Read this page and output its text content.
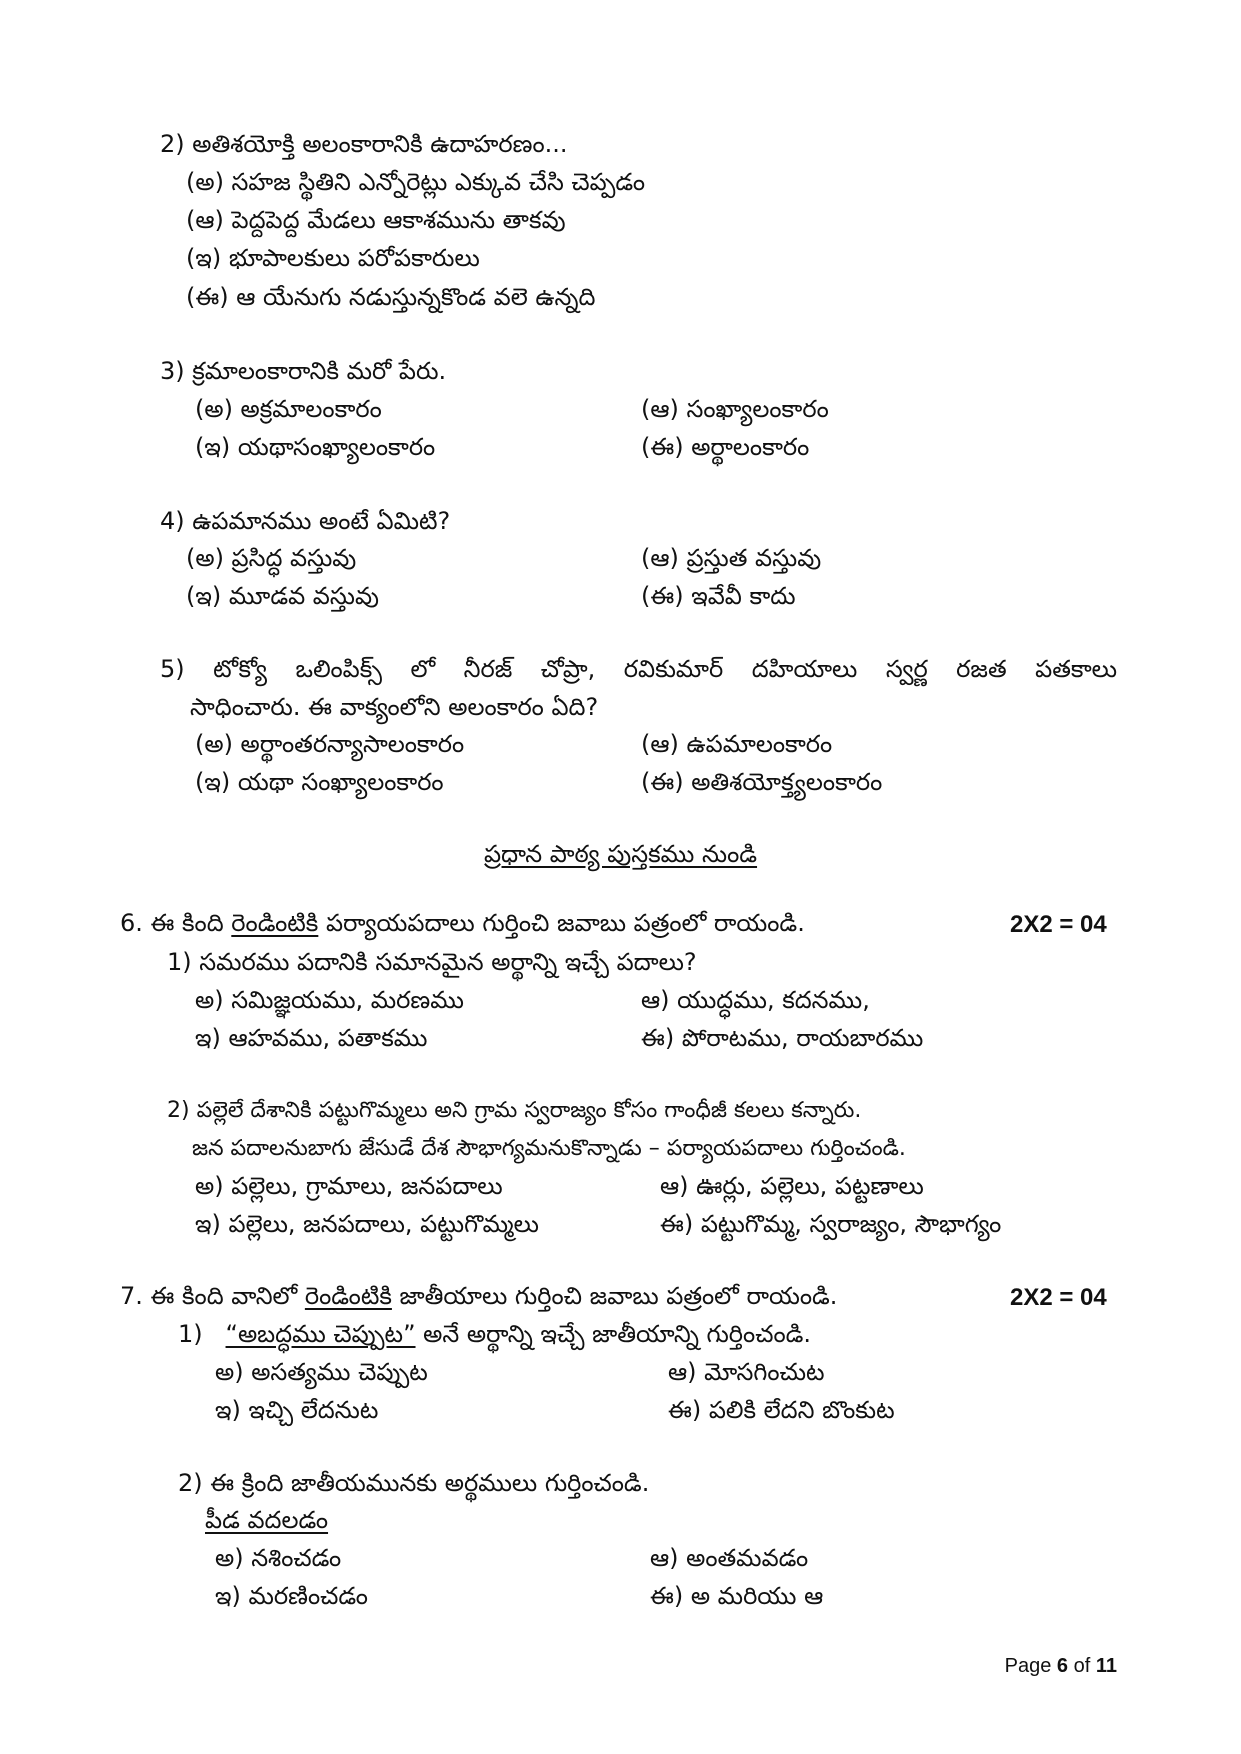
2) అతిశయోక్తి అలంకారానికి ఉదాహరణం...
(అ) సహజ స్థితిని ఎన్నోరెట్లు ఎక్కువ చేసి చెప్పడం
(ఆ) పెద్దపెద్ద మేడలు ఆకాశమును తాకవు
(ఇ) భూపాలకులు పరోపకారులు
(ఈ) ఆ యేనుగు నడుస్తున్నకొండ వలె ఉన్నది
3) క్రమాలంకారానికి మరో పేరు.
(అ) అక్రమాలంకారం	(ఆ) సంఖ్యాలంకారం
(ఇ) యథాసంఖ్యాలంకారం	(ఈ) అర్థాలంకారం
4) ఉపమానము అంటే ఏమిటి?
(అ) ప్రసిద్ధ వస్తువు	(ఆ) ప్రస్తుత వస్తువు
(ఇ) మూడవ వస్తువు	(ఈ) ఇవేవీ కాదు
5) టోక్యో ఒలింపిక్స్ లో నీరజ్ చోప్రా, రవికుమార్ దహియాలు స్వర్ణ రజత పతకాలు
సాధించారు. ఈ వాక్యంలోని అలంకారం ఏది?
(అ) అర్థాంతరన్యాసాలంకారం	(ఆ) ఉపమాలంకారం
(ఇ) యథా సంఖ్యాలంకారం	(ఈ) అతిశయోక్త్యలంకారం
ప్రధాన పాఠ్య పుస్తకము నుండి
6. ఈ కింది రెండింటికి పర్యాయపదాలు గుర్తించి జవాబు పత్రంలో రాయండి.	2X2 = 04
1) సమరము పదానికి సమానమైన అర్థాన్ని ఇచ్చే పదాలు?
అ) సమిజ్ఞయము, మరణము	ఆ) యుద్ధము, కదనము,
ఇ) ఆహవము, పతాకము	ఈ) పోరాటము, రాయబారము
2) పల్లెలే దేశానికి పట్టుగొమ్మలు అని గ్రామ స్వరాజ్యం కోసం గాంధీజీ కలలు కన్నారు.
జన పదాలనుబాగు జేసుడే దేశ సౌభాగ్యమనుకొన్నాడు – పర్యాయపదాలు గుర్తించండి.
అ) పల్లెలు, గ్రామాలు, జనపదాలు	ఆ) ఊర్లు, పల్లెలు, పట్టణాలు
ఇ) పల్లెలు, జనపదాలు, పట్టుగొమ్మలు	ఈ) పట్టుగొమ్మ, స్వరాజ్యం, సౌభాగ్యం
7. ఈ కింది వానిలో రెండింటికి జాతీయాలు గుర్తించి జవాబు పత్రంలో రాయండి.	2X2 = 04
1) “అబద్ధము చెప్పుట” అనే అర్థాన్ని ఇచ్చే జాతీయాన్ని గుర్తించండి.
అ) అసత్యము చెప్పుట	ఆ) మోసగించుట
ఇ) ఇచ్చి లేదనుట	ఈ) పలికి లేదని బొంకుట
2) ఈ క్రింది జాతీయమునకు అర్థములు గుర్తించండి.
పీడ వదలడం
అ) నశించడం	ఆ) అంతమవడం
ఇ) మరణించడం	ఈ) అ మరియు ఆ
Page 6 of 11
